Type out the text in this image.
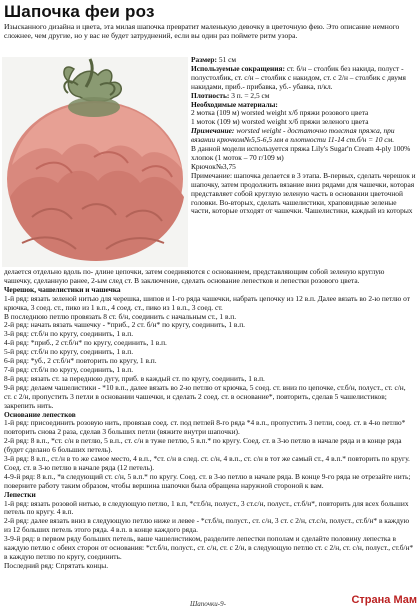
Шапочка феи роз
Изысканного дизайна и цвета, эта милая шапочка превратит маленькую девочку в цветочную фею. Это описание немного сложнее, чем другие, но у вас не будет затруднений, если вы один раз поймете ритм узора.

Размер: 51 см

Используемые сокращения: ст. б/н – столбик без накида, полуст - полустолбик, ст. с/н – столбик с накидом, ст. с 2/н – столбик с двумя накидами, приб.- прибавка, уб.- убавка, п/кл.

Плотность: 3 п. = 2,5 см

Необходимые материалы:

2 мотка (109 м) worsted weight х/б пряжи розового цвета

1 моток (109 м) worsted weight х/б пряжи зеленого цвета

Примечание: worsted weight - достаточно толстая пряжа, при вязании крючком№5,5-6,5 мм в плотности 11-14 ст.б/н = 10 см.

В данной модели используется пряжа Lily's Sugar'n Cream 4-ply 100% хлопок (1 моток – 70 г/109 м)

Крючок№3,75

Примечание: шапочка делается в 3 этапа. В-первых, сделать черешок и шапочку, затем продолжить вязание вниз рядами для чашечки, которая представляет собой круглую зеленую часть в основании цветочной головки. Во-вторых, сделать чашелистики, храповидные зеленые части, которые отходят от чашечки. Чашелистики, каждый из которых

делается отдельно вдоль по- длине цепочки, затем соединяются с основанием, представляющим собой зеленую круглую чашечку, сделанную ранее, 2-ым след ст. В заключение, сделать основание лепестков и лепестки розового цвета.

Черешок, чашелистики и чашечка

1-й ряд: вязать зеленой нитью для черешка, шипов и 1-го ряда чашечки, набрать цепочку из 12 в.п. Далее вязать во 2-ю петлю от крючка, 3 соед. ст., пико из 1 в.п., 4 соед. ст., пико из 1 в.п., 3 соед. ст.

В последнюю петлю провязать 8 ст. б/н, соединить с начальным ст., 1 в.п.

2-й ряд: начать вязать чашечку - *приб., 2 ст. б/н* по кругу, соединить, 1 в.п.

3-й ряд: ст.б/н по кругу, соединить, 1 в.п.

4-й ряд: *приб., 2 ст.б/н* по кругу, соединить, 1 в.п.

5-й ряд: ст.б/н по кругу, соединить, 1 в.п.

6-й ряд: *уб., 2 ст.б/н* повторить по кругу, 1 в.п.

7-й ряд: ст.б/н по кругу, соединить, 1 в.п.

8-й ряд: вязать ст. за переднюю дугу, приб. в каждый ст. по кругу, соединить, 1 в.п.

9-й ряд: делаем чашелистики - *10 в.п., далее вязать во 2-ю петлю от крючка, 5 соед. ст. вниз по цепочке, ст.б/н, полуст., ст. с/н, ст. с 2/н, пропустить 3 петли в основании чашечки, и сделать 2 соед. ст. в основание*, повторить, сделав 5 чашелистиков; закрепить нить.

Основание лепестков

1-й ряд: присоединить розовую нить, провязав соед. ст. под петлей 8-го ряда *4 в.п., пропустить 3 петли, соед. ст. в 4-ю петлю* повторить снова 2 раза, сделав 3 больших петли (вяжите внутри шапочки).

2-й ряд: 8 в.п., *ст. с/н в петлю, 5 в.п., ст. с/н в туже петлю, 5 в.п.* по кругу. Соед. ст. в 3-ю петлю в начале ряда и в конце ряда (будет сделано 6 больших петель).

3-й ряд: 8 в.п., ст./н в то же самое место, 4 в.п., *ст. с/н в след. ст. с/н, 4 в.п., ст. с/н в тот же самый ст., 4 в.п.* повторить по кругу. Соед. ст. в 3-ю петлю в начале ряда (12 петель).

4-9-й ряд: 8 в.п., *в следующий ст. с/н, 5 в.п.* по кругу. Соед. ст. в 3-ю петлю в начале ряда. В конце 9-го ряда не отрезайте нить; поверните работу таким образом, чтобы вершина шапочки была обращена наружной стороной к вам.

Лепестки

1-й ряд: вязать розовой нитью, в следующую петлю, 1 в.п, *ст.б/н, полуст., 3 ст.с/н, полуст., ст.б/н*, повторить для всех больших петель по кругу. 4 в.п.

2-й ряд: далее вязать вниз в следующую петлю ниже и левее - *ст.б/н, полуст., ст. с/н, 3 ст. с 2/н, ст.с/н, полуст., ст.б/н* в каждую из 12 больших петель этого ряда. 4 в.п. в конце каждого ряда.

3-9-й ряд: в первом ряду больших петель, ваше чашелистиком, разделите лепестки пополам и сделайте половину лепестка в каждую петлю с обеих сторон от основания: *ст.б/н, полуст., ст. с/н, ст. с 2/н, в следующую петлю ст. с 2/н, ст. с/н, полуст., ст.б/н* в каждую петлю по кругу, соединить.

Последний ряд: Спрятать концы.

Шапочки-9-	Страна Мам
